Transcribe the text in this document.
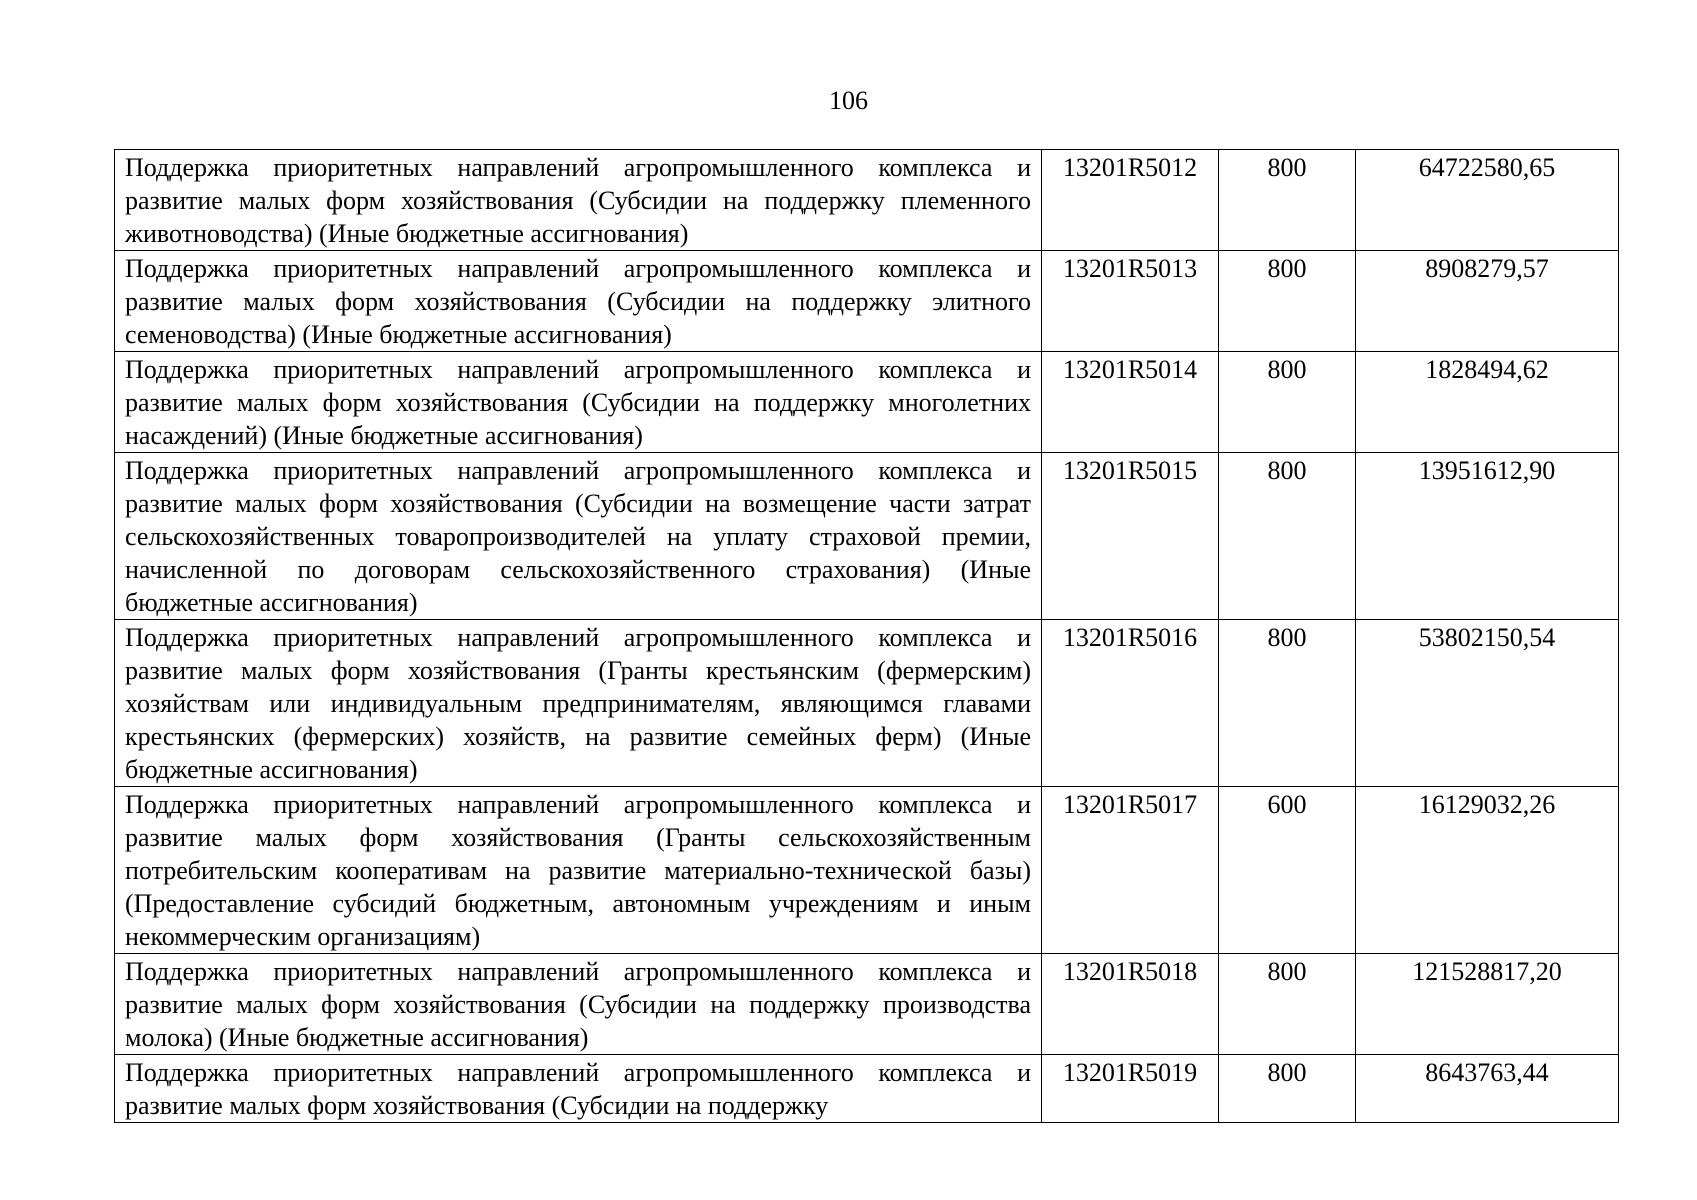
106
Поддержка приоритетных направлений агропромышленного комплекса и развитие малых форм хозяйствования (Субсидии на поддержку племенного животноводства) (Иные бюджетные ассигнования)	13201R5012	800	64722580,65
Поддержка приоритетных направлений агропромышленного комплекса и развитие малых форм хозяйствования (Субсидии на поддержку элитного семеноводства) (Иные бюджетные ассигнования)	13201R5013	800	8908279,57
Поддержка приоритетных направлений агропромышленного комплекса и развитие малых форм хозяйствования (Субсидии на поддержку многолетних насаждений) (Иные бюджетные ассигнования)	13201R5014	800	1828494,62
Поддержка приоритетных направлений агропромышленного комплекса и развитие малых форм хозяйствования (Субсидии на возмещение части затрат сельскохозяйственных товаропроизводителей на уплату страховой премии, начисленной по договорам сельскохозяйственного страхования) (Иные бюджетные ассигнования)	13201R5015	800	13951612,90
Поддержка приоритетных направлений агропромышленного комплекса и развитие малых форм хозяйствования (Гранты крестьянским (фермерским) хозяйствам или индивидуальным предпринимателям, являющимся главами крестьянских (фермерских) хозяйств, на развитие семейных ферм) (Иные бюджетные ассигнования)	13201R5016	800	53802150,54
Поддержка приоритетных направлений агропромышленного комплекса и развитие малых форм хозяйствования (Гранты сельскохозяйственным потребительским кооперативам на развитие материально-технической базы) (Предоставление субсидий бюджетным, автономным учреждениям и иным некоммерческим организациям)	13201R5017	600	16129032,26
Поддержка приоритетных направлений агропромышленного комплекса и развитие малых форм хозяйствования (Субсидии на поддержку производства молока) (Иные бюджетные ассигнования)	13201R5018	800	121528817,20
Поддержка приоритетных направлений агропромышленного комплекса и развитие малых форм хозяйствования (Субсидии на поддержку	13201R5019	800	8643763,44
